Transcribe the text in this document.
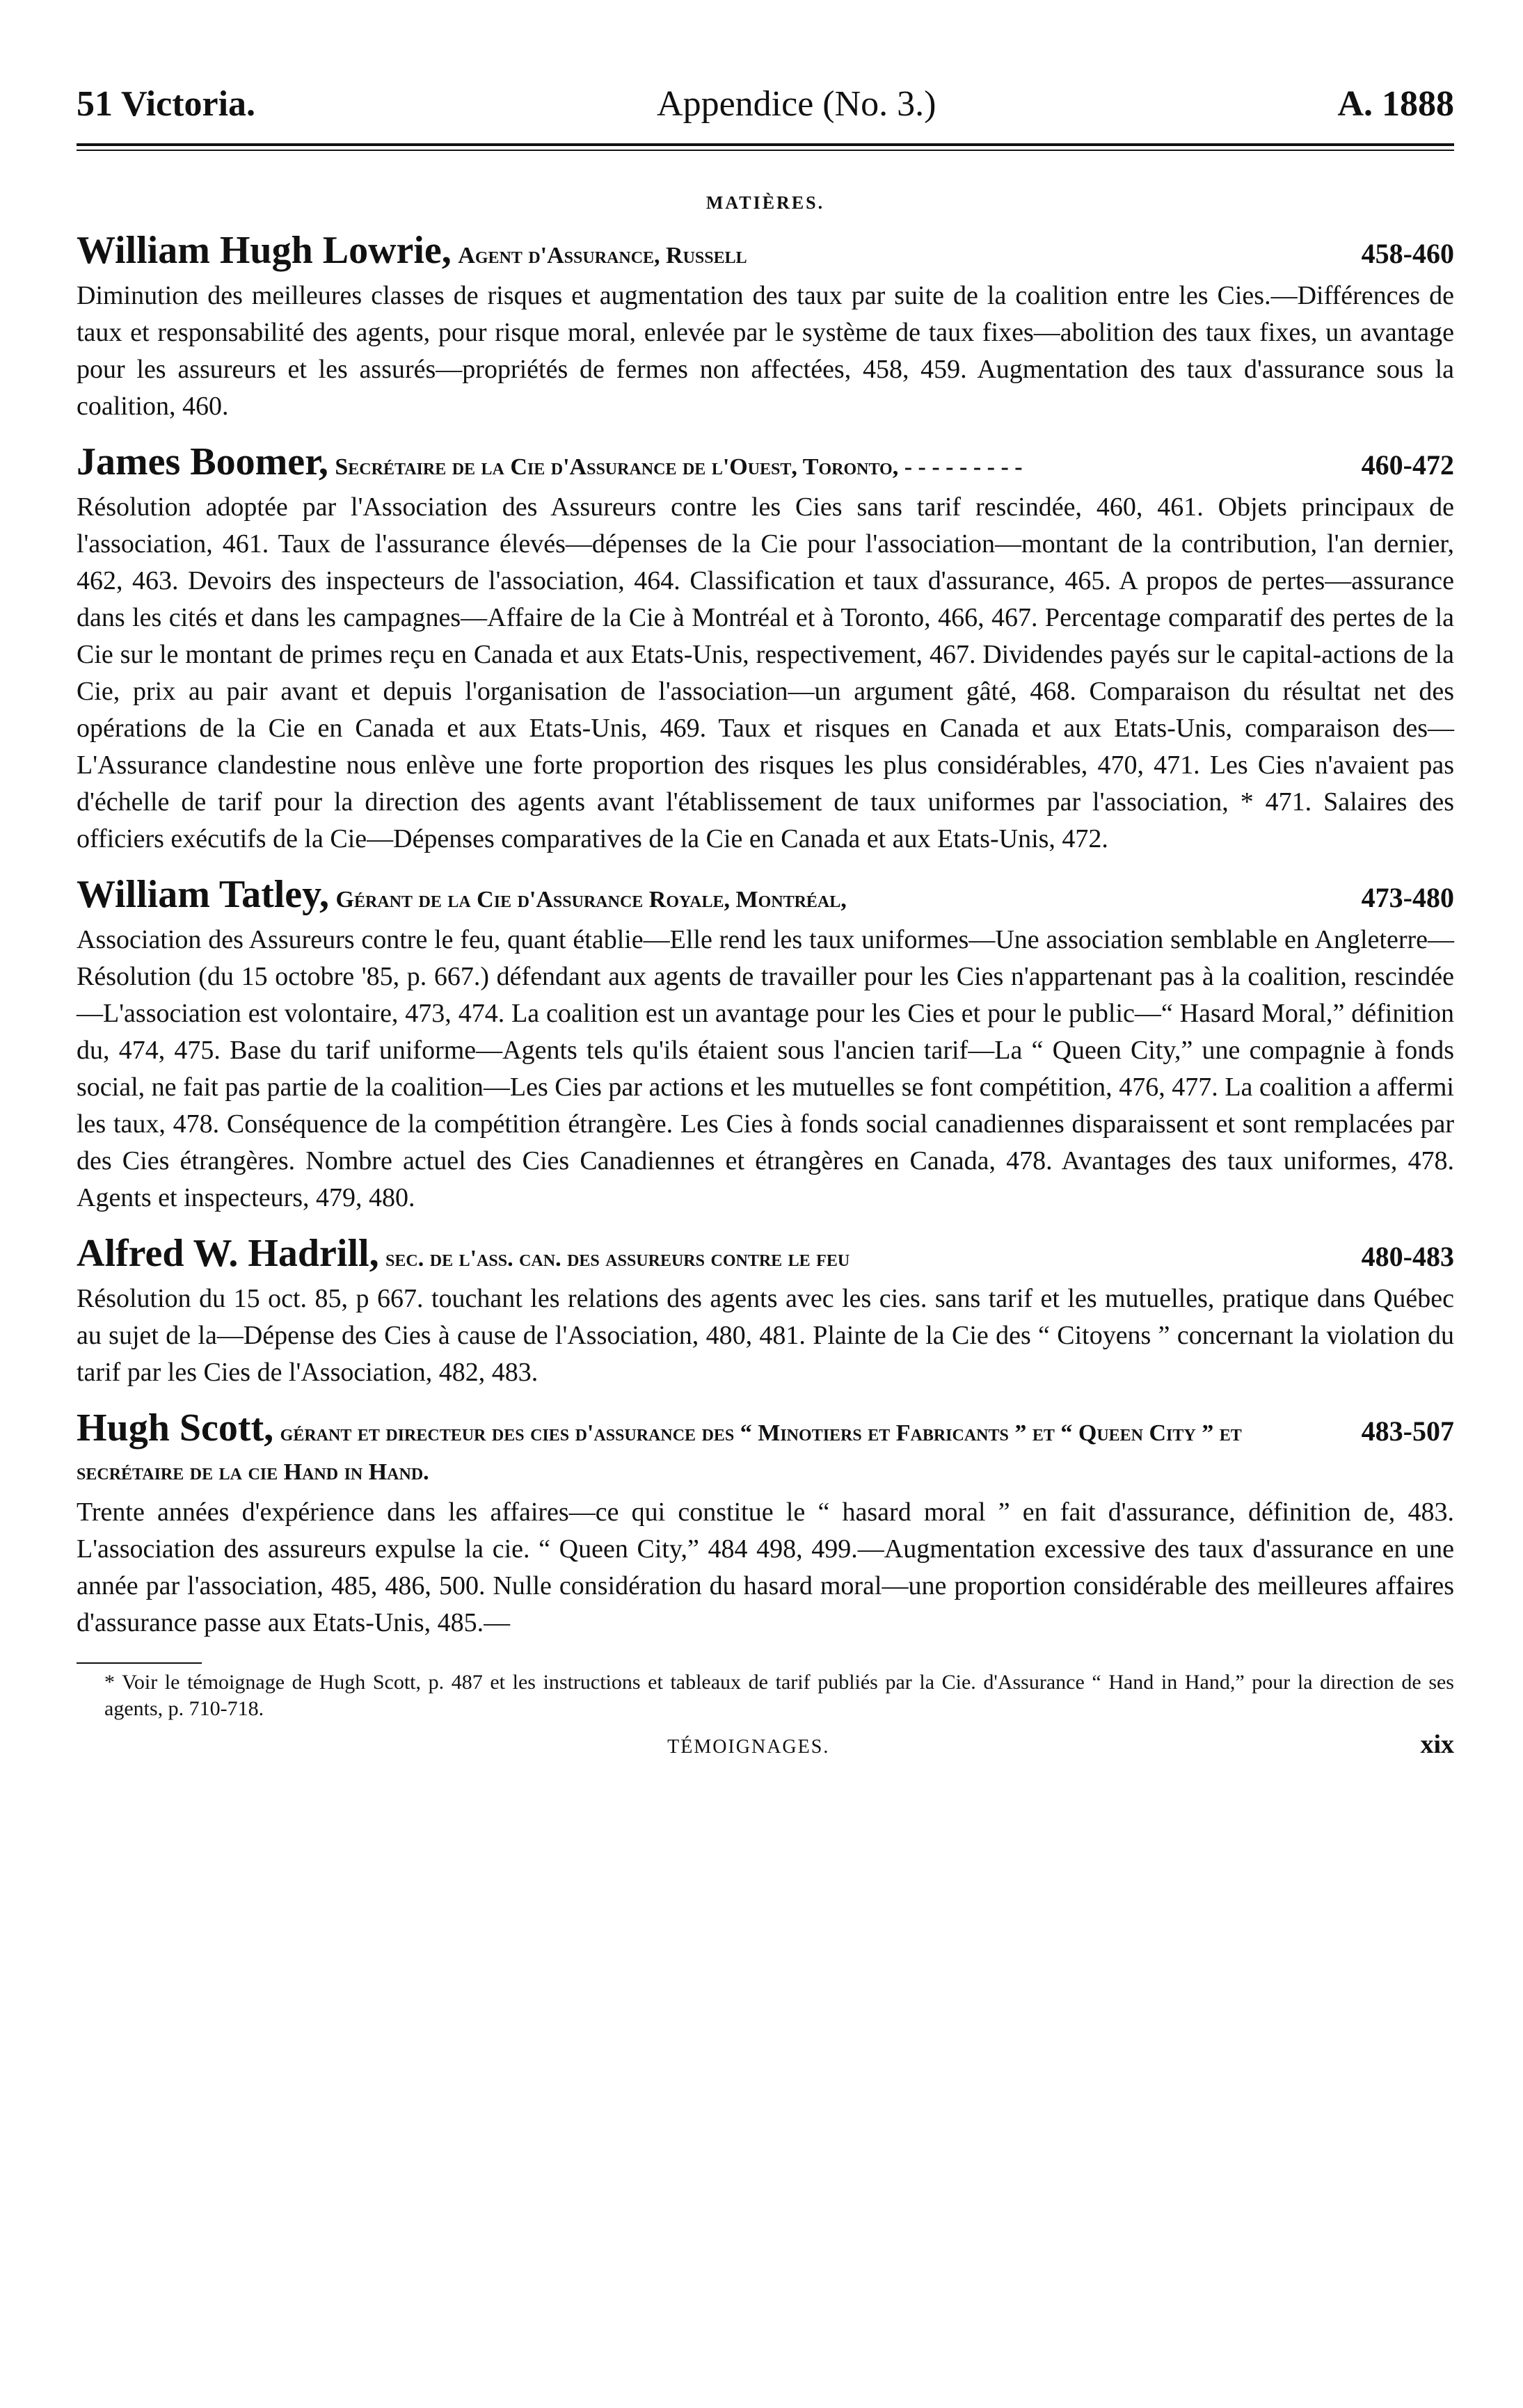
51 Victoria.	Appendice (No. 3.)	A. 1888
MATIÈRES.
William Hugh Lowrie, Agent d'Assurance, Russell	458-460
Diminution des meilleures classes de risques et augmentation des taux par suite de la coalition entre les Cies.—Différences de taux et responsabilité des agents, pour risque moral, enlevée par le système de taux fixes—abolition des taux fixes, un avantage pour les assureurs et les assurés—propriétés de fermes non affectées, 458, 459. Augmentation des taux d'assurance sous la coalition, 460.
James Boomer, Secrétaire de la Cie d'Assurance de l'Ouest, Toronto, - - - - - - - - -	460-472
Résolution adoptée par l'Association des Assureurs contre les Cies sans tarif rescindée, 460, 461. Objets principaux de l'association, 461. Taux de l'assurance élevés—dépenses de la Cie pour l'association—montant de la contribution, l'an dernier, 462, 463. Devoirs des inspecteurs de l'association, 464. Classification et taux d'assurance, 465. A propos de pertes—assurance dans les cités et dans les campagnes—Affaire de la Cie à Montréal et à Toronto, 466, 467. Percentage comparatif des pertes de la Cie sur le montant de primes reçu en Canada et aux Etats-Unis, respectivement, 467. Dividendes payés sur le capital-actions de la Cie, prix au pair avant et depuis l'organisation de l'association—un argument gâté, 468. Comparaison du résultat net des opérations de la Cie en Canada et aux Etats-Unis, 469. Taux et risques en Canada et aux Etats-Unis, comparaison des—L'Assurance clandestine nous enlève une forte proportion des risques les plus considérables, 470, 471. Les Cies n'avaient pas d'échelle de tarif pour la direction des agents avant l'établissement de taux uniformes par l'association, * 471. Salaires des officiers exécutifs de la Cie—Dépenses comparatives de la Cie en Canada et aux Etats-Unis, 472.
William Tatley, Gérant de la Cie d'Assurance Royale, Montréal,	473-480
Association des Assureurs contre le feu, quant établie—Elle rend les taux uniformes—Une association semblable en Angleterre—Résolution (du 15 octobre '85, p. 667.) défendant aux agents de travailler pour les Cies n'appartenant pas à la coalition, rescindée—L'association est volontaire, 473, 474. La coalition est un avantage pour les Cies et pour le public—“ Hasard Moral,” définition du, 474, 475. Base du tarif uniforme—Agents tels qu'ils étaient sous l'ancien tarif—La “ Queen City,” une compagnie à fonds social, ne fait pas partie de la coalition—Les Cies par actions et les mutuelles se font compétition, 476, 477. La coalition a affermi les taux, 478. Conséquence de la compétition étrangère. Les Cies à fonds social canadiennes disparaissent et sont remplacées par des Cies étrangères. Nombre actuel des Cies Canadiennes et étrangères en Canada, 478. Avantages des taux uniformes, 478. Agents et inspecteurs, 479, 480.
Alfred W. Hadrill, sec. de l'ass. can. des assureurs contre le feu	480-483
Résolution du 15 oct. 85, p 667. touchant les relations des agents avec les cies. sans tarif et les mutuelles, pratique dans Québec au sujet de la—Dépense des Cies à cause de l'Association, 480, 481. Plainte de la Cie des “ Citoyens ” concernant la violation du tarif par les Cies de l'Association, 482, 483.
Hugh Scott, gérant et directeur des cies d'assurance des “ Minotiers et Fabricants ” et “ Queen City ” et secrétaire de la cie Hand in Hand.
483-507
Trente années d'expérience dans les affaires—ce qui constitue le “ hasard moral ” en fait d'assurance, définition de, 483. L'association des assureurs expulse la cie. “ Queen City,” 484 498, 499.—Augmentation excessive des taux d'assurance en une année par l'association, 485, 486, 500. Nulle considération du hasard moral—une proportion considérable des meilleures affaires d'assurance passe aux Etats-Unis, 485.—
* Voir le témoignage de Hugh Scott, p. 487 et les instructions et tableaux de tarif publiés par la Cie. d'Assurance “ Hand in Hand,” pour la direction de ses agents, p. 710-718.
TÉMOIGNAGES.	xix
